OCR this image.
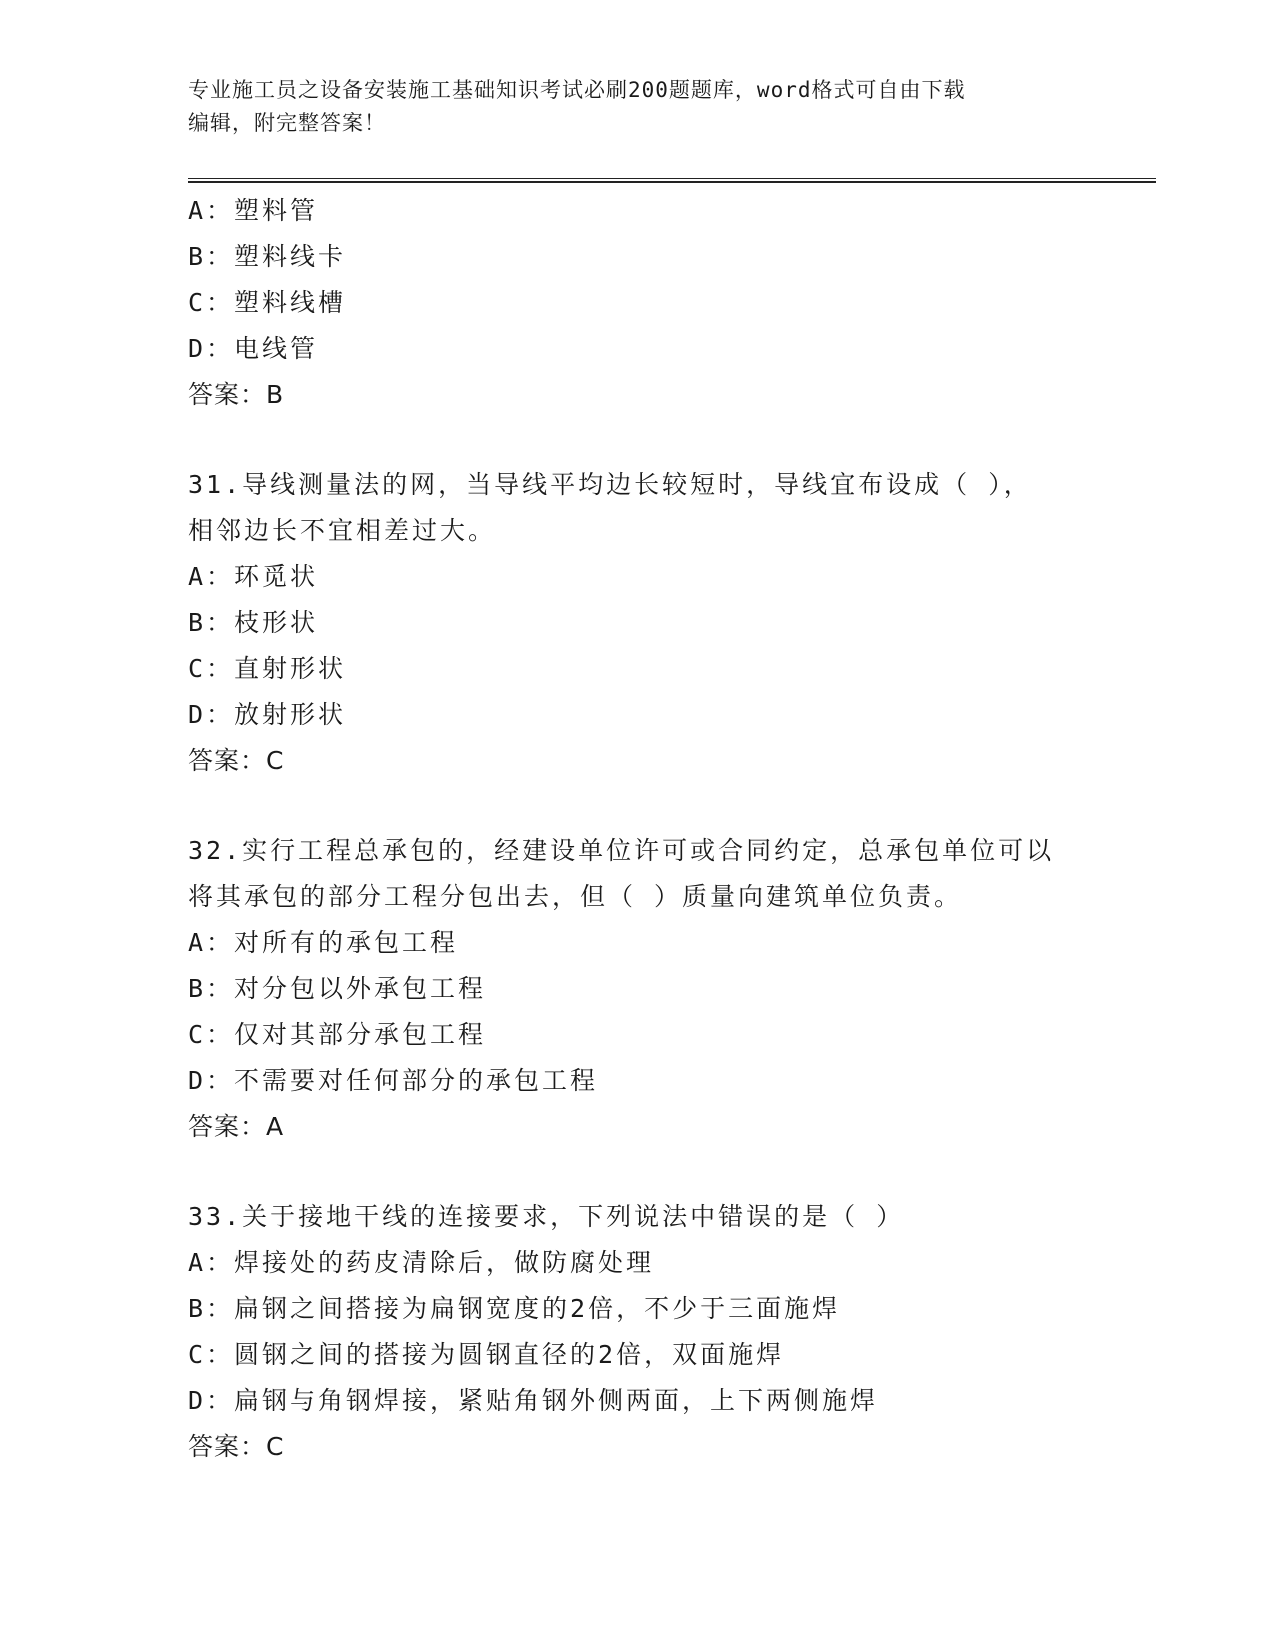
专业施工员之设备安装施工基础知识考试必刷200题题库，word格式可自由下载
编辑，附完整答案！
A：塑料管
B：塑料线卡
C：塑料线槽
D：电线管
答案：B
31.导线测量法的网，当导线平均边长较短时，导线宜布设成（ ），
相邻边长不宜相差过大。
A：环觅状
B：枝形状
C：直射形状
D：放射形状
答案：C
32.实行工程总承包的，经建设单位许可或合同约定，总承包单位可以
将其承包的部分工程分包出去，但（ ）质量向建筑单位负责。
A：对所有的承包工程
B：对分包以外承包工程
C：仅对其部分承包工程
D：不需要对任何部分的承包工程
答案：A
33.关于接地干线的连接要求，下列说法中错误的是（ ）
A：焊接处的药皮清除后，做防腐处理
B：扁钢之间搭接为扁钢宽度的2倍，不少于三面施焊
C：圆钢之间的搭接为圆钢直径的2倍，双面施焊
D：扁钢与角钢焊接，紧贴角钢外侧两面，上下两侧施焊
答案：C
